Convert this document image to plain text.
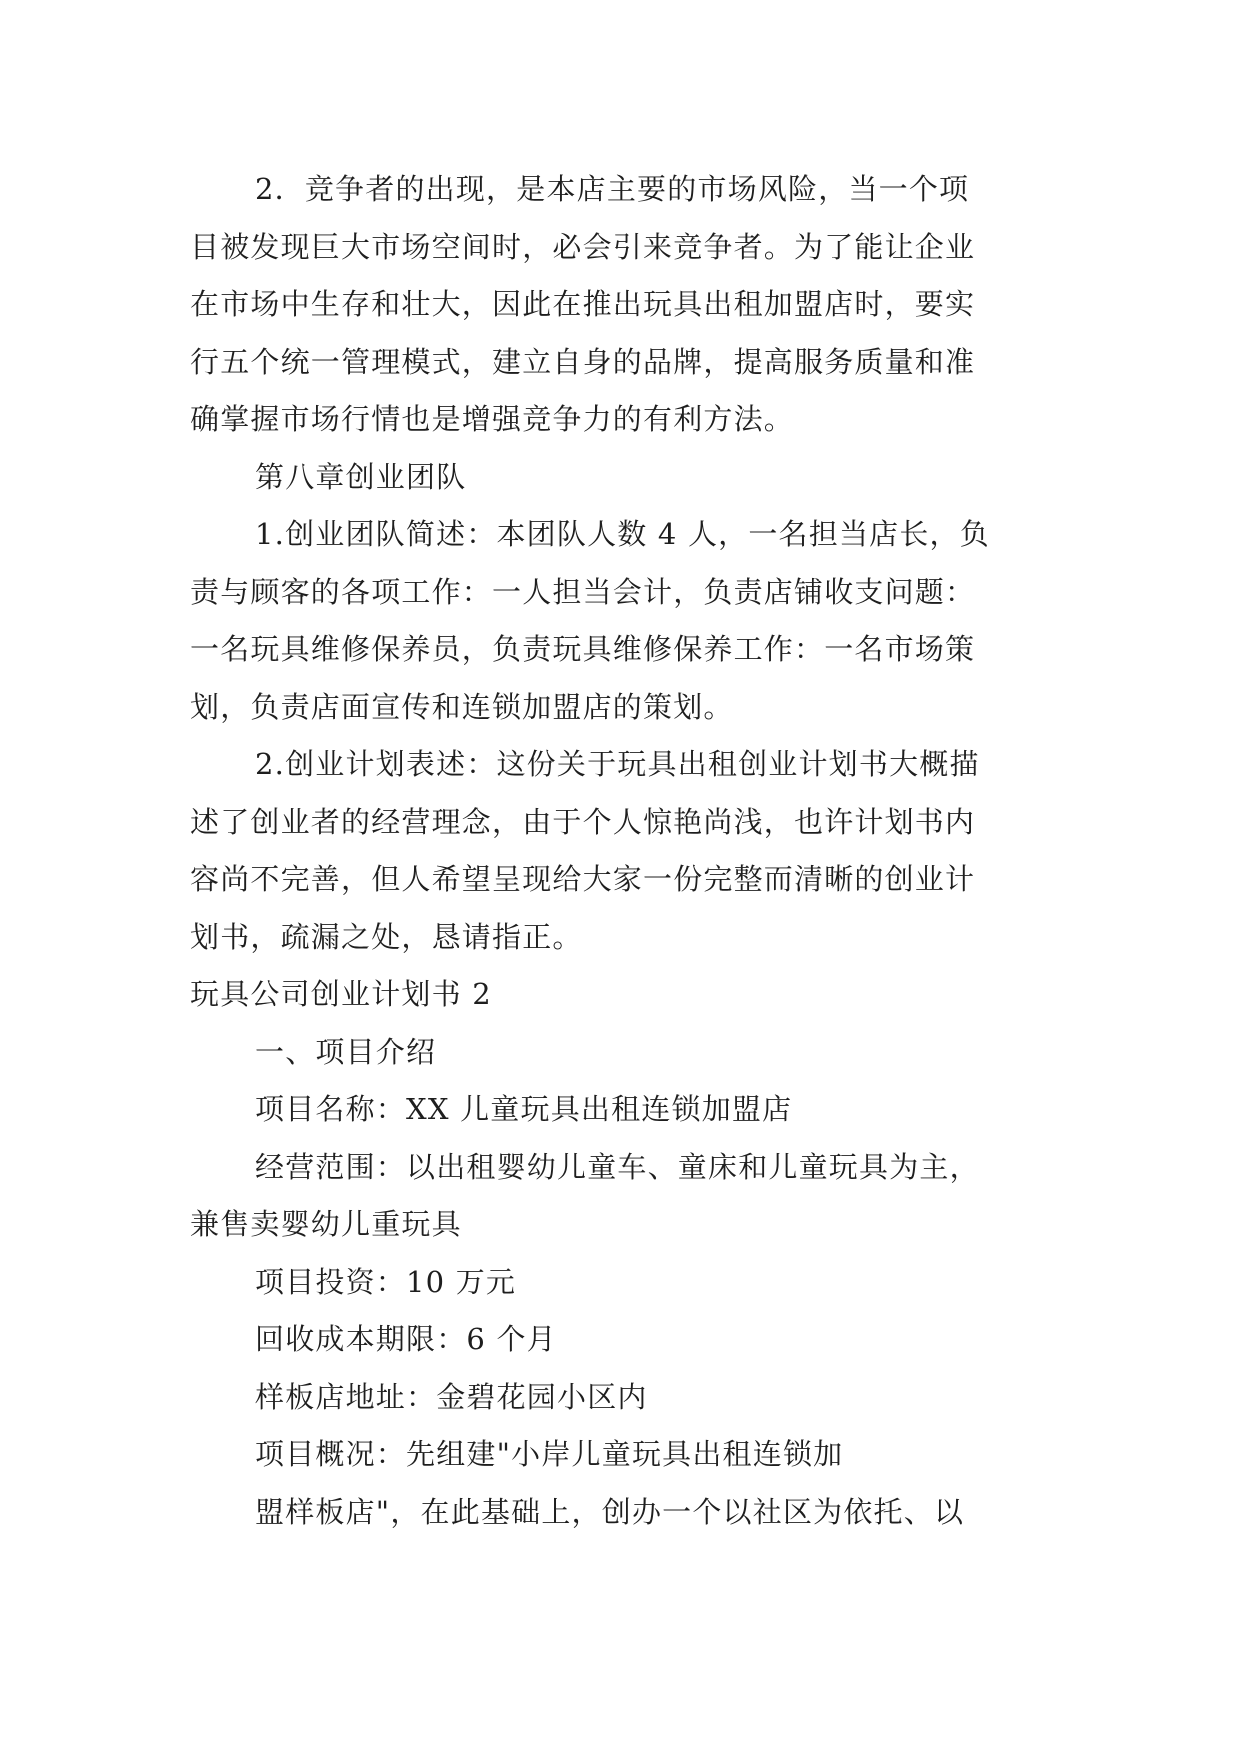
2．竞争者的出现，是本店主要的市场风险，当一个项
目被发现巨大市场空间时，必会引来竞争者。为了能让企业
在市场中生存和壮大，因此在推出玩具出租加盟店时，要实
行五个统一管理模式，建立自身的品牌，提高服务质量和准
确掌握市场行情也是增强竞争力的有利方法。
第八章创业团队
1.创业团队简述：本团队人数 4 人，一名担当店长，负
责与顾客的各项工作：一人担当会计，负责店铺收支问题：
一名玩具维修保养员，负责玩具维修保养工作：一名市场策
划，负责店面宣传和连锁加盟店的策划。
2.创业计划表述：这份关于玩具出租创业计划书大概描
述了创业者的经营理念，由于个人惊艳尚浅，也许计划书内
容尚不完善，但人希望呈现给大家一份完整而清晰的创业计
划书，疏漏之处，恳请指正。
玩具公司创业计划书 2
一、项目介绍
项目名称：XX 儿童玩具出租连锁加盟店
经营范围：以出租婴幼儿童车、童床和儿童玩具为主，
兼售卖婴幼儿重玩具
项目投资：10 万元
回收成本期限：6 个月
样板店地址：金碧花园小区内
项目概况：先组建"小岸儿童玩具出租连锁加
盟样板店"，在此基础上，创办一个以社区为依托、以
